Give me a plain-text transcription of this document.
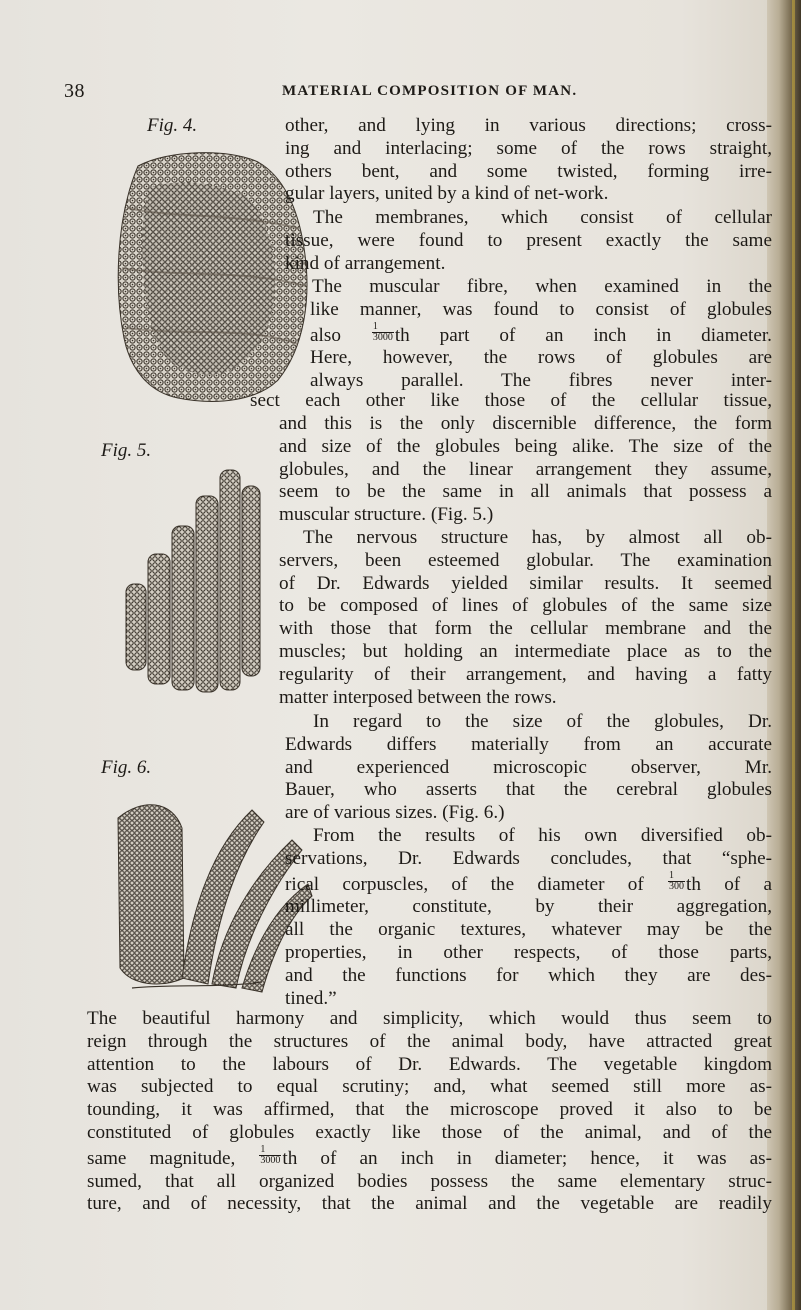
38	MATERIAL COMPOSITION OF MAN.
Fig. 4.
Fig. 5.
Fig. 6.
other, and lying in various directions; cross-
ing and interlacing; some of the rows straight,
others bent, and some twisted, forming irre-
gular layers, united by a kind of net-work.
The membranes, which consist of cellular
tissue, were found to present exactly the same
kind of arrangement.
The muscular fibre, when examined in the
like manner, was found to consist of globules
also $\frac{1}{3000}$ th part of an inch in diameter.
Here, however, the rows of globules are
always parallel. The fibres never inter-
sect each other like those of the cellular tissue,
and this is the only discernible difference, the form
and size of the globules being alike. The size of the
globules, and the linear arrangement they assume,
seem to be the same in all animals that possess a
muscular structure. (Fig. 5.)
The nervous structure has, by almost all ob-
servers, been esteemed globular. The examination
of Dr. Edwards yielded similar results. It seemed
to be composed of lines of globules of the same size
with those that form the cellular membrane and the
muscles; but holding an intermediate place as to the
regularity of their arrangement, and having a fatty
matter interposed between the rows.
In regard to the size of the globules, Dr.
Edwards differs materially from an accurate
and experienced microscopic observer, Mr.
Bauer, who asserts that the cerebral globules
are of various sizes. (Fig. 6.)
From the results of his own diversified ob-
servations, Dr. Edwards concludes, that “sphe-
rical corpuscles, of the diameter of $\frac{1}{300}$ th of a
millimeter, constitute, by their aggregation,
all the organic textures, whatever may be the
properties, in other respects, of those parts,
and the functions for which they are des-
tined.”
The beautiful harmony and simplicity, which would thus seem to
reign through the structures of the animal body, have attracted great
attention to the labours of Dr. Edwards. The vegetable kingdom
was subjected to equal scrutiny; and, what seemed still more as-
tounding, it was affirmed, that the microscope proved it also to be
constituted of globules exactly like those of the animal, and of the
same magnitude, $\frac{1}{3000}$ th of an inch in diameter; hence, it was as-
sumed, that all organized bodies possess the same elementary struc-
ture, and of necessity, that the animal and the vegetable are readily
